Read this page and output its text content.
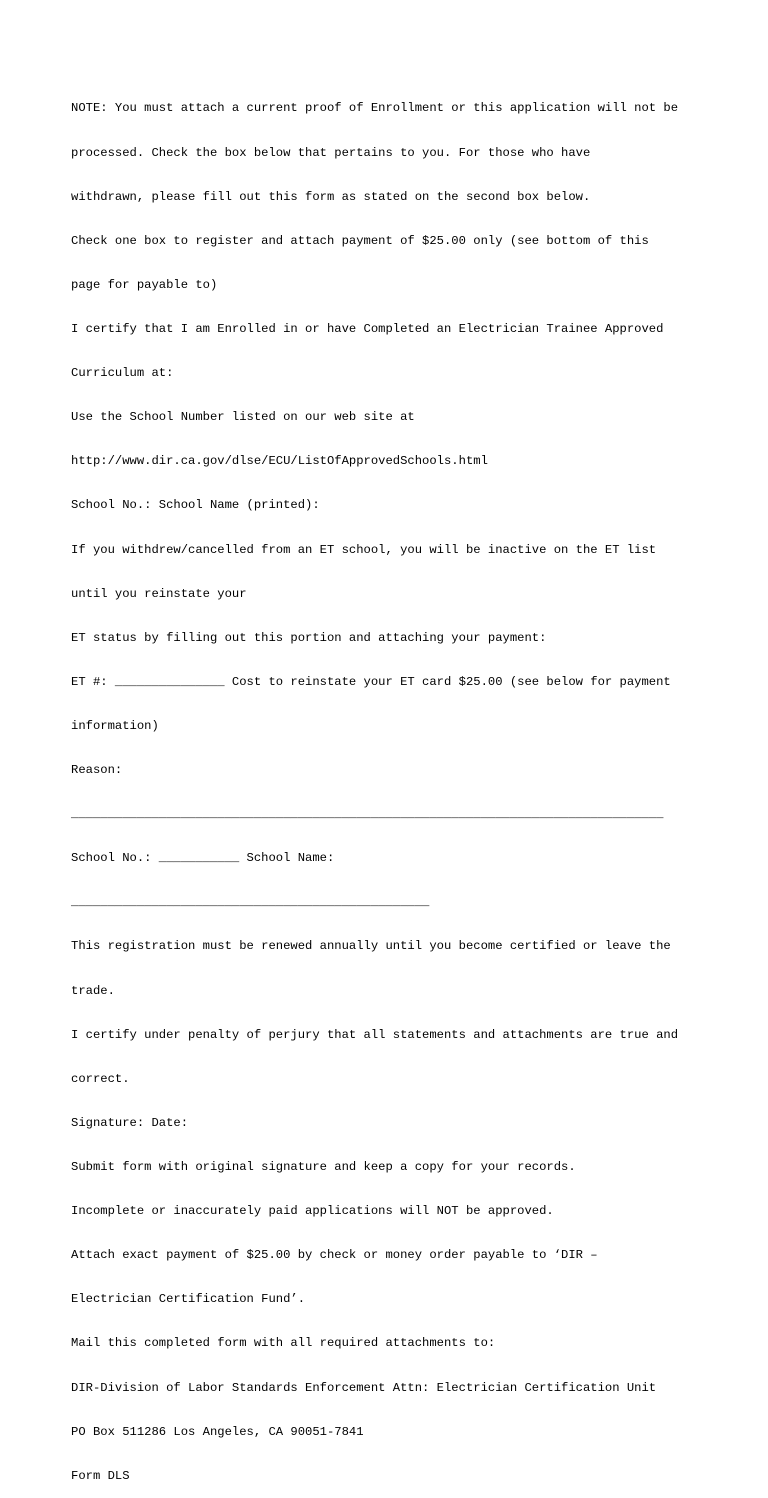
NOTE: You must attach a current proof of Enrollment or this application will not be

processed. Check the box below that pertains to you. For those who have

withdrawn, please fill out this form as stated on the second box below.

Check one box to register and attach payment of $25.00 only (see bottom of this

page for payable to)

I certify that I am Enrolled in or have Completed an Electrician Trainee Approved

Curriculum at:

Use the School Number listed on our web site at

http://www.dir.ca.gov/dlse/ECU/ListOfApprovedSchools.html

School No.: School Name (printed):

If you withdrew/cancelled from an ET school, you will be inactive on the ET list

until you reinstate your

ET status by filling out this portion and attaching your payment:

ET #: _______________ Cost to reinstate your ET card $25.00 (see below for payment

information)

Reason:

_________________________________________________________________________________

School No.: ___________ School Name:

_________________________________________________

This registration must be renewed annually until you become certified or leave the

trade.

I certify under penalty of perjury that all statements and attachments are true and

correct.

Signature: Date:

Submit form with original signature and keep a copy for your records.

Incomplete or inaccurately paid applications will NOT be approved.

Attach exact payment of $25.00 by check or money order payable to ‘DIR –

Electrician Certification Fund’.

Mail this completed form with all required attachments to:

DIR-Division of Labor Standards Enforcement Attn: Electrician Certification Unit

PO Box 511286 Los Angeles, CA 90051-7841

Form DLS
